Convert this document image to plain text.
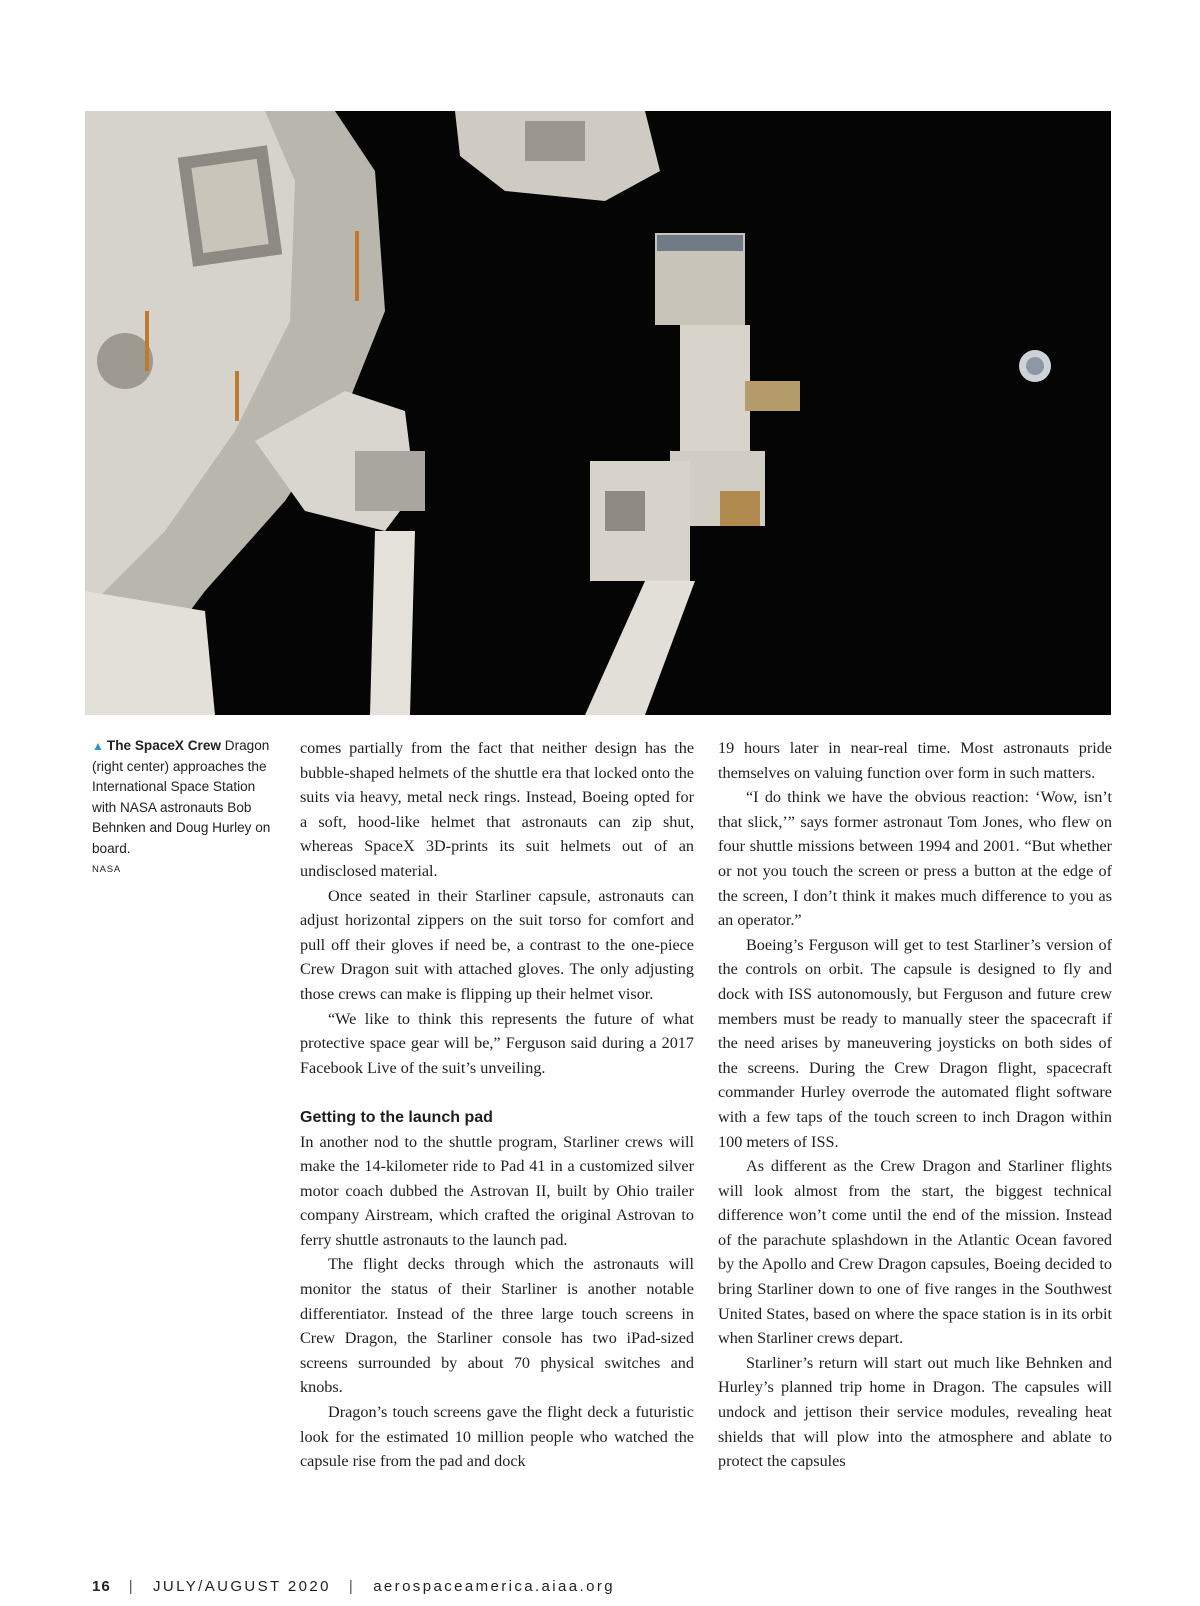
▲ The SpaceX Crew Dragon (right center) approaches the International Space Station with NASA astronauts Bob Behnken and Doug Hurley on board.
NASA

comes partially from the fact that neither design has the bubble-shaped helmets of the shuttle era that locked onto the suits via heavy, metal neck rings. Instead, Boeing opted for a soft, hood-like helmet that astronauts can zip shut, whereas SpaceX 3D-prints its suit helmets out of an undisclosed material.

Once seated in their Starliner capsule, astronauts can adjust horizontal zippers on the suit torso for comfort and pull off their gloves if need be, a contrast to the one-piece Crew Dragon suit with attached gloves. The only adjusting those crews can make is flipping up their helmet visor.

“We like to think this represents the future of what protective space gear will be,” Ferguson said during a 2017 Facebook Live of the suit’s unveiling.

Getting to the launch pad

In another nod to the shuttle program, Starliner crews will make the 14-kilometer ride to Pad 41 in a customized silver motor coach dubbed the Astrovan II, built by Ohio trailer company Airstream, which crafted the original Astrovan to ferry shuttle astronauts to the launch pad.

The flight decks through which the astronauts will monitor the status of their Starliner is another notable differentiator. Instead of the three large touch screens in Crew Dragon, the Starliner console has two iPad-sized screens surrounded by about 70 physical switches and knobs.

Dragon’s touch screens gave the flight deck a futuristic look for the estimated 10 million people who watched the capsule rise from the pad and dock

19 hours later in near-real time. Most astronauts pride themselves on valuing function over form in such matters.

“I do think we have the obvious reaction: ‘Wow, isn’t that slick,’” says former astronaut Tom Jones, who flew on four shuttle missions between 1994 and 2001. “But whether or not you touch the screen or press a button at the edge of the screen, I don’t think it makes much difference to you as an operator.”

Boeing’s Ferguson will get to test Starliner’s version of the controls on orbit. The capsule is designed to fly and dock with ISS autonomously, but Ferguson and future crew members must be ready to manually steer the spacecraft if the need arises by maneuvering joysticks on both sides of the screens. During the Crew Dragon flight, spacecraft commander Hurley overrode the automated flight software with a few taps of the touch screen to inch Dragon within 100 meters of ISS.

As different as the Crew Dragon and Starliner flights will look almost from the start, the biggest technical difference won’t come until the end of the mission. Instead of the parachute splashdown in the Atlantic Ocean favored by the Apollo and Crew Dragon capsules, Boeing decided to bring Starliner down to one of five ranges in the Southwest United States, based on where the space station is in its orbit when Starliner crews depart.

Starliner’s return will start out much like Behnken and Hurley’s planned trip home in Dragon. The capsules will undock and jettison their service modules, revealing heat shields that will plow into the atmosphere and ablate to protect the capsules

16 | JULY/AUGUST 2020 | aerospaceamerica.aiaa.org
